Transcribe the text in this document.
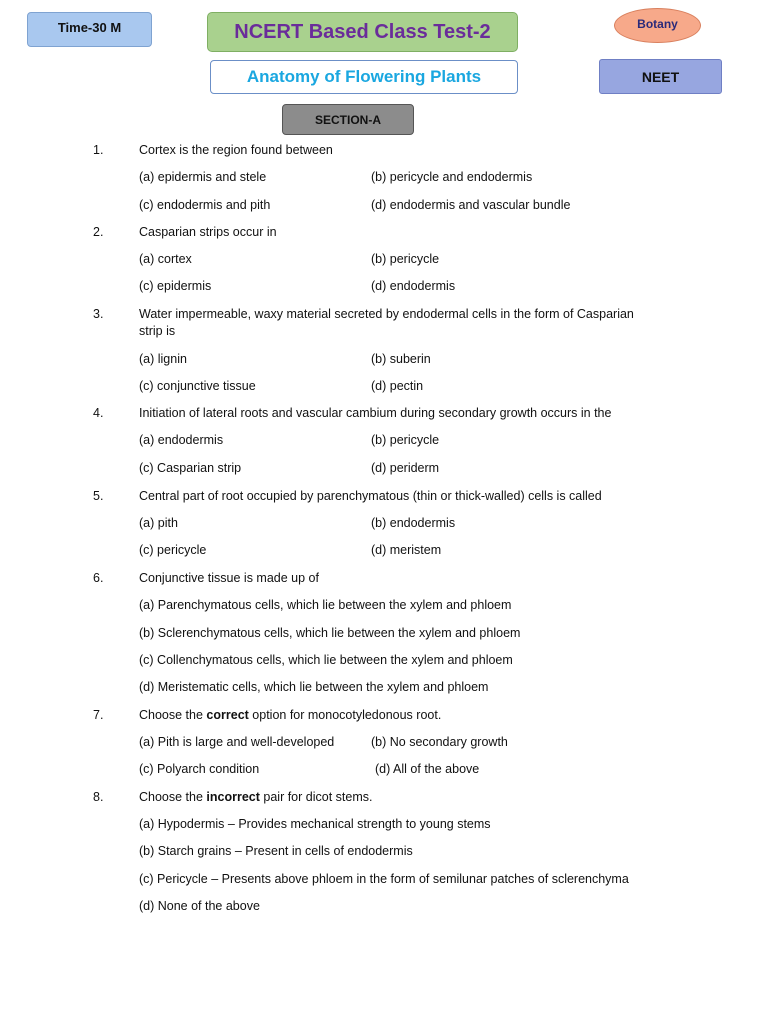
Time-30 M	NCERT Based Class Test-2
Anatomy of Flowering Plants
Botany
NEET
SECTION-A
1.	Cortex is the region found between
(a) epidermis and stele	(b) pericycle and endodermis
(c) endodermis and pith	(d) endodermis and vascular bundle
2.	Casparian strips occur in
(a) cortex	(b) pericycle
(c) epidermis	(d) endodermis
3.	Water impermeable, waxy material secreted by endodermal cells in the form of Casparian
strip is
(a) lignin	(b) suberin
(c) conjunctive tissue	(d) pectin
4.	Initiation of lateral roots and vascular cambium during secondary growth occurs in the
(a) endodermis	(b) pericycle
(c) Casparian strip	(d) periderm
5.	Central part of root occupied by parenchymatous (thin or thick-walled) cells is called
(a) pith	(b) endodermis
(c) pericycle	(d) meristem
6.	Conjunctive tissue is made up of
(a) Parenchymatous cells, which lie between the xylem and phloem
(b) Sclerenchymatous cells, which lie between the xylem and phloem
(c) Collenchymatous cells, which lie between the xylem and phloem
(d) Meristematic cells, which lie between the xylem and phloem
7.	Choose the correct option for monocotyledonous root.
(a) Pith is large and well-developed	(b) No secondary growth
(c) Polyarch condition	(d) All of the above
8.	Choose the incorrect pair for dicot stems.
(a) Hypodermis – Provides mechanical strength to young stems
(b) Starch grains – Present in cells of endodermis
(c) Pericycle – Presents above phloem in the form of semilunar patches of sclerenchyma
(d) None of the above
